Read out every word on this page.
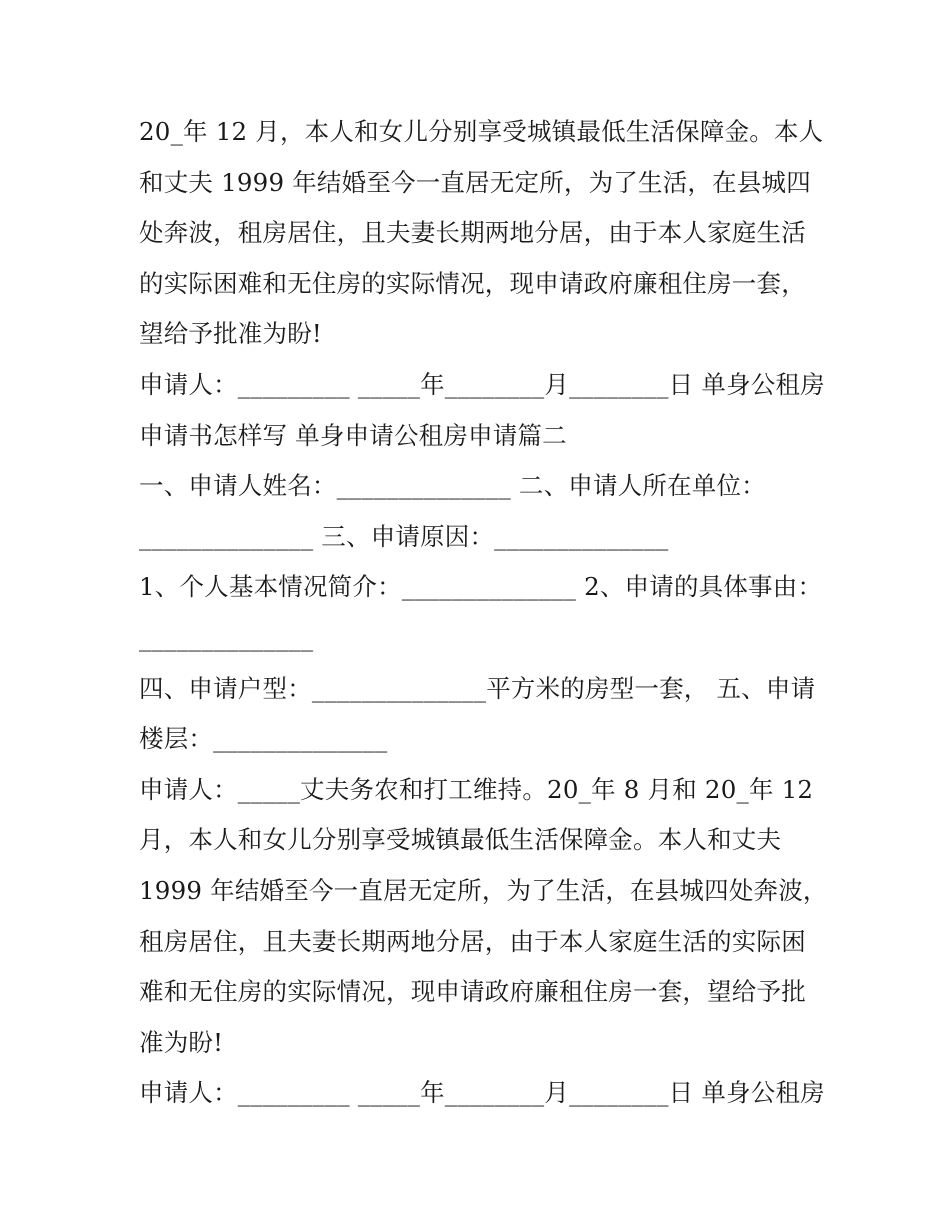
20_年 12 月，本人和女儿分别享受城镇最低生活保障金。本人
和丈夫 1999 年结婚至今一直居无定所，为了生活，在县城四
处奔波，租房居住，且夫妻长期两地分居，由于本人家庭生活
的实际困难和无住房的实际情况，现申请政府廉租住房一套，
望给予批准为盼!
申请人：_________ _____年________月________日 单身公租房
申请书怎样写 单身申请公租房申请篇二
一、申请人姓名：______________ 二、申请人所在单位：
______________ 三、申请原因：______________
1、个人基本情况简介：______________ 2、申请的具体事由：
______________
四、申请户型：______________平方米的房型一套， 五、申请
楼层：______________
申请人：_____丈夫务农和打工维持。20_年 8 月和 20_年 12
月，本人和女儿分别享受城镇最低生活保障金。本人和丈夫
1999 年结婚至今一直居无定所，为了生活，在县城四处奔波，
租房居住，且夫妻长期两地分居，由于本人家庭生活的实际困
难和无住房的实际情况，现申请政府廉租住房一套，望给予批
准为盼!
申请人：_________ _____年________月________日 单身公租房
